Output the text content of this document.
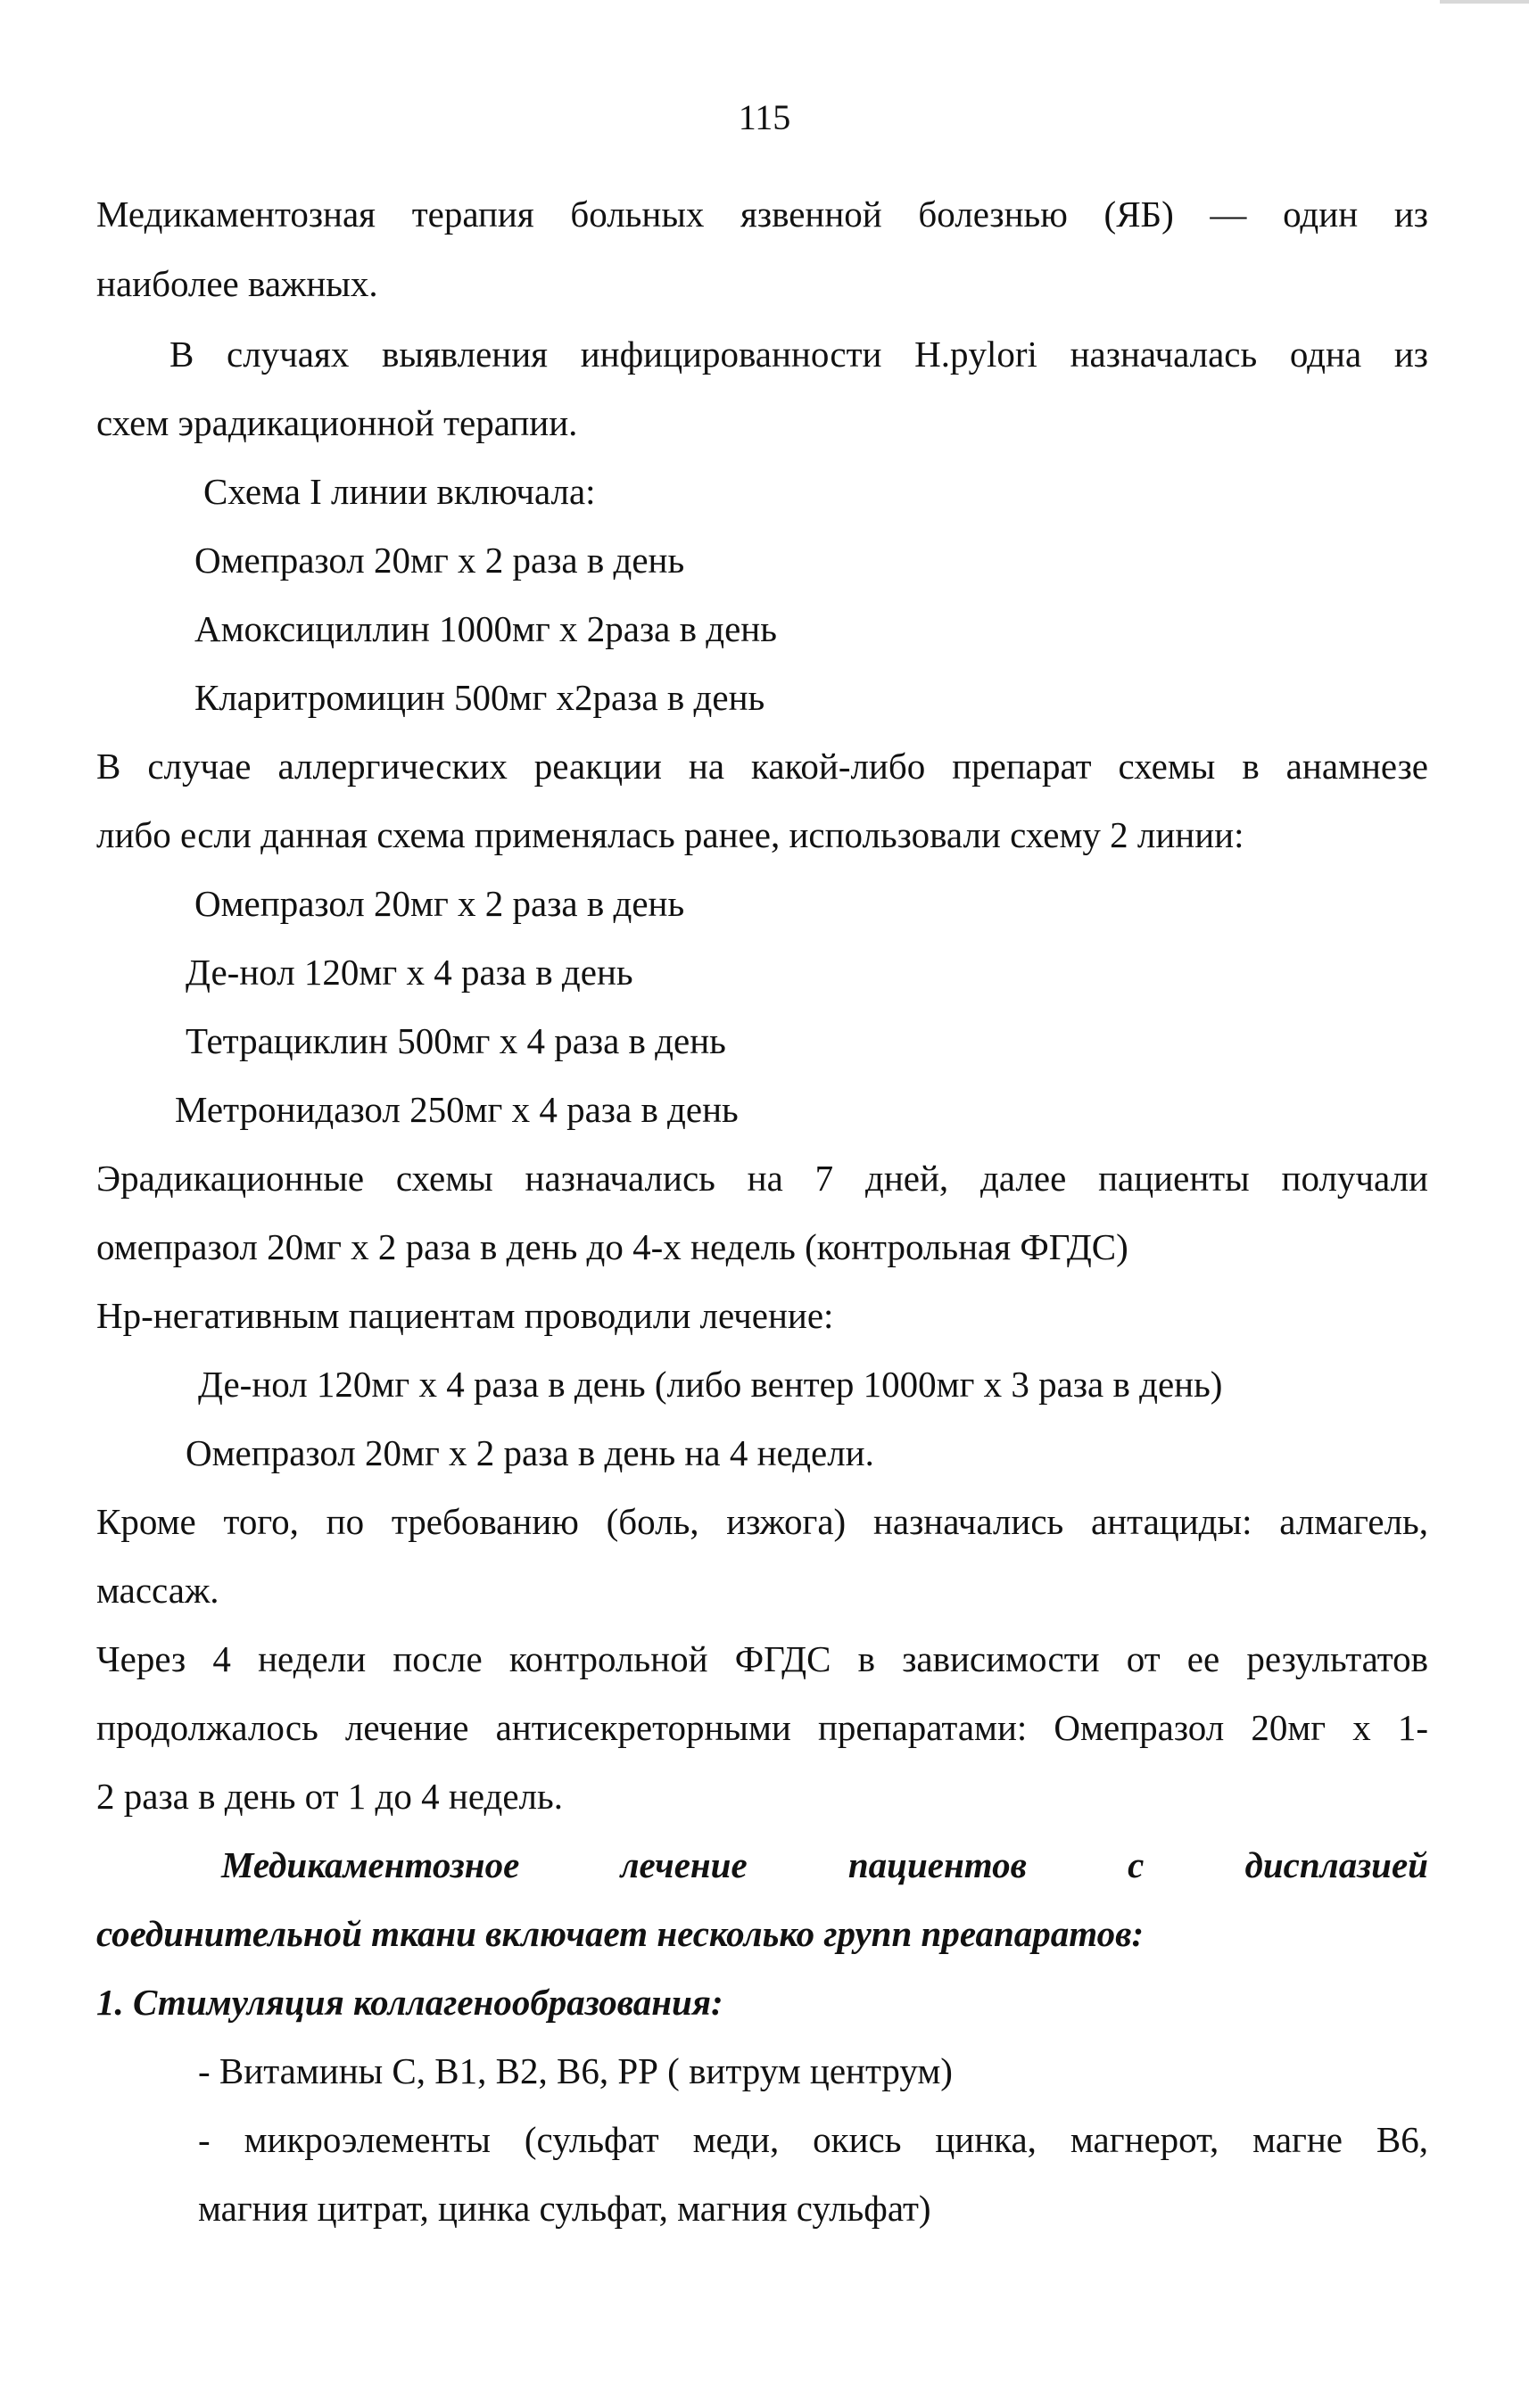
115
Медикаментозная терапия больных язвенной болезнью (ЯБ) — один из
наиболее важных.
В случаях выявления инфицированности H.pylori назначалась одна из
схем эрадикационной терапии.
Схема I линии включала:
Омепразол 20мг х 2 раза в день
Амоксициллин 1000мг х 2раза в день
Кларитромицин 500мг х2раза в день
В случае аллергических реакции на какой-либо препарат схемы в анамнезе
либо если данная схема применялась ранее, использовали схему 2 линии:
Омепразол 20мг х 2 раза в день
Де-нол 120мг х 4 раза в день
Тетрациклин 500мг х 4 раза в день
Метронидазол 250мг х 4 раза в день
Эрадикационные схемы назначались на 7 дней, далее пациенты получали
омепразол 20мг х 2 раза в день до 4-х недель (контрольная ФГДС)
Hp-негативным пациентам проводили лечение:
Де-нол 120мг х 4 раза в день (либо вентер 1000мг х 3 раза в день)
Омепразол 20мг х 2 раза в день на 4 недели.
Кроме того, по требованию (боль, изжога) назначались антациды: алмагель,
массаж.
Через 4 недели после контрольной ФГДС в зависимости от ее результатов
продолжалось лечение антисекреторными препаратами: Омепразол 20мг х 1-
2 раза в день от 1 до 4 недель.
Медикаментозное лечение пациентов с дисплазией
соединительной ткани включает несколько групп преапаратов:
1. Стимуляция коллагенообразования:
- Витамины С, В1, В2, В6, РР ( витрум центрум)
- микроэлементы (сульфат меди, окись цинка, магнерот, магне В6,
магния цитрат, цинка сульфат, магния сульфат)
